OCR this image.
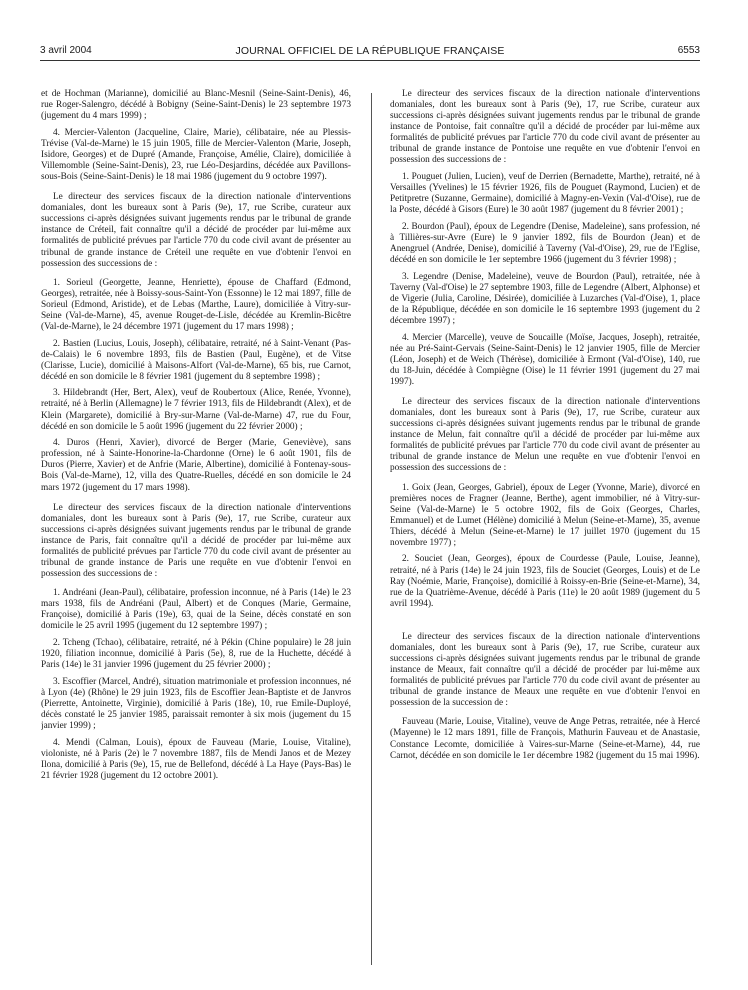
3 avril 2004	JOURNAL OFFICIEL DE LA RÉPUBLIQUE FRANÇAISE	6553

et de Hochman (Marianne), domicilié au Blanc-Mesnil (Seine-Saint-Denis), 46, rue Roger-Salengro, décédé à Bobigny (Seine-Saint-Denis) le 23 septembre 1973 (jugement du 4 mars 1999) ;

4. Mercier-Valenton (Jacqueline, Claire, Marie), célibataire, née au Plessis-Trévise (Val-de-Marne) le 15 juin 1905, fille de Mercier-Valenton (Marie, Joseph, Isidore, Georges) et de Dupré (Amande, Françoise, Amélie, Claire), domiciliée à Villemomble (Seine-Saint-Denis), 23, rue Léo-Desjardins, décédée aux Pavillons-sous-Bois (Seine-Saint-Denis) le 18 mai 1986 (jugement du 9 octobre 1997).

Le directeur des services fiscaux de la direction nationale d'interventions domaniales, dont les bureaux sont à Paris (9e), 17, rue Scribe, curateur aux successions ci-après désignées suivant jugements rendus par le tribunal de grande instance de Créteil, fait connaître qu'il a décidé de procéder par lui-même aux formalités de publicité prévues par l'article 770 du code civil avant de présenter au tribunal de grande instance de Créteil une requête en vue d'obtenir l'envoi en possession des successions de :

1. Sorieul (Georgette, Jeanne, Henriette), épouse de Chaffard (Edmond, Georges), retraitée, née à Boissy-sous-Saint-Yon (Essonne) le 12 mai 1897, fille de Sorieul (Edmond, Aristide), et de Lebas (Marthe, Laure), domiciliée à Vitry-sur-Seine (Val-de-Marne), 45, avenue Rouget-de-Lisle, décédée au Kremlin-Bicêtre (Val-de-Marne), le 24 décembre 1971 (jugement du 17 mars 1998) ;

2. Bastien (Lucius, Louis, Joseph), célibataire, retraité, né à Saint-Venant (Pas-de-Calais) le 6 novembre 1893, fils de Bastien (Paul, Eugène), et de Vitse (Clarisse, Lucie), domicilié à Maisons-Alfort (Val-de-Marne), 65 bis, rue Carnot, décédé en son domicile le 8 février 1981 (jugement du 8 septembre 1998) ;

3. Hildebrandt (Her, Bert, Alex), veuf de Roubertoux (Alice, Renée, Yvonne), retraité, né à Berlin (Allemagne) le 7 février 1913, fils de Hildebrandt (Alex), et de Klein (Margarete), domicilié à Bry-sur-Marne (Val-de-Marne) 47, rue du Four, décédé en son domicile le 5 août 1996 (jugement du 22 février 2000) ;

4. Duros (Henri, Xavier), divorcé de Berger (Marie, Geneviève), sans profession, né à Sainte-Honorine-la-Chardonne (Orne) le 6 août 1901, fils de Duros (Pierre, Xavier) et de Anfrie (Marie, Albertine), domicilié à Fontenay-sous-Bois (Val-de-Marne), 12, villa des Quatre-Ruelles, décédé en son domicile le 24 mars 1972 (jugement du 17 mars 1998).

Le directeur des services fiscaux de la direction nationale d'interventions domaniales, dont les bureaux sont à Paris (9e), 17, rue Scribe, curateur aux successions ci-après désignées suivant jugements rendus par le tribunal de grande instance de Paris, fait connaître qu'il a décidé de procéder par lui-même aux formalités de publicité prévues par l'article 770 du code civil avant de présenter au tribunal de grande instance de Paris une requête en vue d'obtenir l'envoi en possession des successions de :

1. Andréani (Jean-Paul), célibataire, profession inconnue, né à Paris (14e) le 23 mars 1938, fils de Andréani (Paul, Albert) et de Conques (Marie, Germaine, Françoise), domicilié à Paris (19e), 63, quai de la Seine, décès constaté en son domicile le 25 avril 1995 (jugement du 12 septembre 1997) ;

2. Tcheng (Tchao), célibataire, retraité, né à Pékin (Chine populaire) le 28 juin 1920, filiation inconnue, domicilié à Paris (5e), 8, rue de la Huchette, décédé à Paris (14e) le 31 janvier 1996 (jugement du 25 février 2000) ;

3. Escoffier (Marcel, André), situation matrimoniale et profession inconnues, né à Lyon (4e) (Rhône) le 29 juin 1923, fils de Escoffier Jean-Baptiste et de Janvros (Pierrette, Antoinette, Virginie), domicilié à Paris (18e), 10, rue Emile-Duployé, décès constaté le 25 janvier 1985, paraissait remonter à six mois (jugement du 15 janvier 1999) ;

4. Mendi (Calman, Louis), époux de Fauveau (Marie, Louise, Vitaline), violoniste, né à Paris (2e) le 7 novembre 1887, fils de Mendi Janos et de Mezey Ilona, domicilié à Paris (9e), 15, rue de Bellefond, décédé à La Haye (Pays-Bas) le 21 février 1928 (jugement du 12 octobre 2001).

Le directeur des services fiscaux de la direction nationale d'interventions domaniales, dont les bureaux sont à Paris (9e), 17, rue Scribe, curateur aux successions ci-après désignées suivant jugements rendus par le tribunal de grande instance de Pontoise, fait connaître qu'il a décidé de procéder par lui-même aux formalités de publicité prévues par l'article 770 du code civil avant de présenter au tribunal de grande instance de Pontoise une requête en vue d'obtenir l'envoi en possession des successions de :

1. Pouguet (Julien, Lucien), veuf de Derrien (Bernadette, Marthe), retraité, né à Versailles (Yvelines) le 15 février 1926, fils de Pouguet (Raymond, Lucien) et de Petitpretre (Suzanne, Germaine), domicilié à Magny-en-Vexin (Val-d'Oise), rue de la Poste, décédé à Gisors (Eure) le 30 août 1987 (jugement du 8 février 2001) ;

2. Bourdon (Paul), époux de Legendre (Denise, Madeleine), sans profession, né à Tillières-sur-Avre (Eure) le 9 janvier 1892, fils de Bourdon (Jean) et de Anengruel (Andrée, Denise), domicilié à Taverny (Val-d'Oise), 29, rue de l'Eglise, décédé en son domicile le 1er septembre 1966 (jugement du 3 février 1998) ;

3. Legendre (Denise, Madeleine), veuve de Bourdon (Paul), retraitée, née à Taverny (Val-d'Oise) le 27 septembre 1903, fille de Legendre (Albert, Alphonse) et de Vigerie (Julia, Caroline, Désirée), domiciliée à Luzarches (Val-d'Oise), 1, place de la République, décédée en son domicile le 16 septembre 1993 (jugement du 2 décembre 1997) ;

4. Mercier (Marcelle), veuve de Soucaille (Moïse, Jacques, Joseph), retraitée, née au Pré-Saint-Gervais (Seine-Saint-Denis) le 12 janvier 1905, fille de Mercier (Léon, Joseph) et de Weich (Thérèse), domiciliée à Ermont (Val-d'Oise), 140, rue du 18-Juin, décédée à Compiègne (Oise) le 11 février 1991 (jugement du 27 mai 1997).

Le directeur des services fiscaux de la direction nationale d'interventions domaniales, dont les bureaux sont à Paris (9e), 17, rue Scribe, curateur aux successions ci-après désignées suivant jugements rendus par le tribunal de grande instance de Melun, fait connaître qu'il a décidé de procéder par lui-même aux formalités de publicité prévues par l'article 770 du code civil avant de présenter au tribunal de grande instance de Melun une requête en vue d'obtenir l'envoi en possession des successions de :

1. Goix (Jean, Georges, Gabriel), époux de Leger (Yvonne, Marie), divorcé en premières noces de Fragner (Jeanne, Berthe), agent immobilier, né à Vitry-sur-Seine (Val-de-Marne) le 5 octobre 1902, fils de Goix (Georges, Charles, Emmanuel) et de Lumet (Hélène) domicilié à Melun (Seine-et-Marne), 35, avenue Thiers, décédé à Melun (Seine-et-Marne) le 17 juillet 1970 (jugement du 15 novembre 1977) ;

2. Souciet (Jean, Georges), époux de Courdesse (Paule, Louise, Jeanne), retraité, né à Paris (14e) le 24 juin 1923, fils de Souciet (Georges, Louis) et de Le Ray (Noémie, Marie, Françoise), domicilié à Roissy-en-Brie (Seine-et-Marne), 34, rue de la Quatrième-Avenue, décédé à Paris (11e) le 20 août 1989 (jugement du 5 avril 1994).

Le directeur des services fiscaux de la direction nationale d'interventions domaniales, dont les bureaux sont à Paris (9e), 17, rue Scribe, curateur aux successions ci-après désignées suivant jugements rendus par le tribunal de grande instance de Meaux, fait connaître qu'il a décidé de procéder par lui-même aux formalités de publicité prévues par l'article 770 du code civil avant de présenter au tribunal de grande instance de Meaux une requête en vue d'obtenir l'envoi en possession de la succession de :

Fauveau (Marie, Louise, Vitaline), veuve de Ange Petras, retraitée, née à Hercé (Mayenne) le 12 mars 1891, fille de François, Mathurin Fauveau et de Anastasie, Constance Lecomte, domiciliée à Vaires-sur-Marne (Seine-et-Marne), 44, rue Carnot, décédée en son domicile le 1er décembre 1982 (jugement du 15 mai 1996).
